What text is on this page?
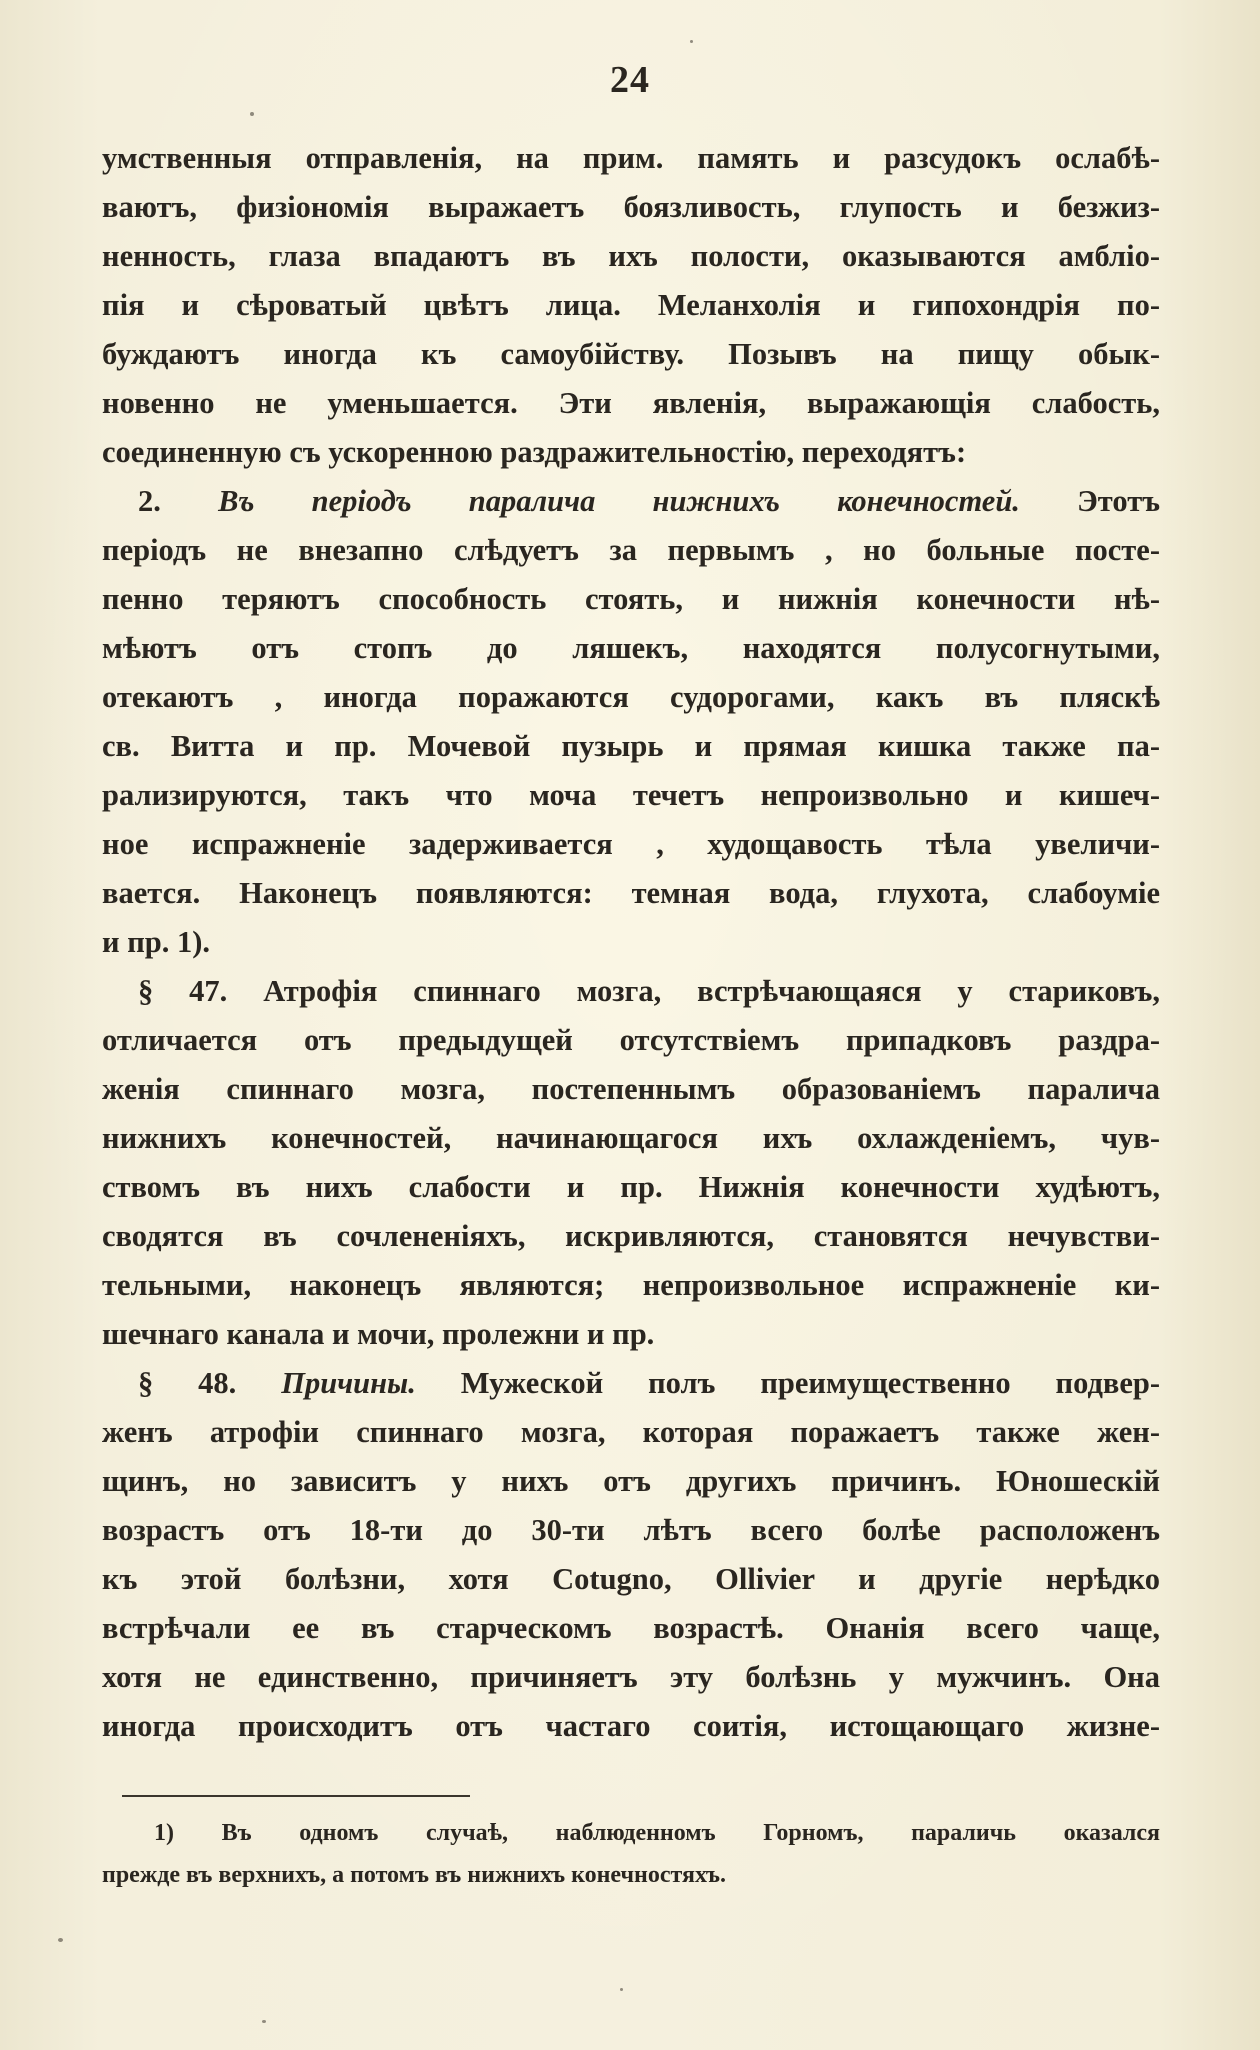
24
умственныя отправленія, на прим. память и разсудокъ ослабѣ-
ваютъ, физіономія выражаетъ боязливость, глупость и безжиз-
ненность, глаза впадаютъ въ ихъ полости, оказываются амбліо-
пія и сѣроватый цвѣтъ лица. Меланхолія и гипохондрія по-
буждаютъ иногда къ самоубійству. Позывъ на пищу обык-
новенно не уменьшается. Эти явленія, выражающія слабость,
соединенную съ ускоренною раздражительностію, переходятъ:
2. Въ періодъ паралича нижнихъ конечностей. Этотъ
періодъ не внезапно слѣдуетъ за первымъ , но больные посте-
пенно теряютъ способность стоять, и нижнія конечности нѣ-
мѣютъ отъ стопъ до ляшекъ, находятся полусогнутыми,
отекаютъ , иногда поражаются судорогами, какъ въ пляскѣ
св. Витта и пр. Мочевой пузырь и прямая кишка также па-
рализируются, такъ что моча течетъ непроизвольно и кишеч-
ное испражненіе задерживается , худощавость тѣла увеличи-
вается. Наконецъ появляются: темная вода, глухота, слабоуміе
и пр. 1).
§ 47. Атрофія спиннаго мозга, встрѣчающаяся у стариковъ,
отличается отъ предыдущей отсутствіемъ припадковъ раздра-
женія спиннаго мозга, постепеннымъ образованіемъ паралича
нижнихъ конечностей, начинающагося ихъ охлажденіемъ, чув-
ствомъ въ нихъ слабости и пр. Нижнія конечности худѣютъ,
сводятся въ сочлененіяхъ, искривляются, становятся нечувстви-
тельными, наконецъ являются; непроизвольное испражненіе ки-
шечнаго канала и мочи, пролежни и пр.
§ 48. Причины. Мужеской полъ преимущественно подвер-
женъ атрофіи спиннаго мозга, которая поражаетъ также жен-
щинъ, но зависитъ у нихъ отъ другихъ причинъ. Юношескій
возрастъ отъ 18-ти до 30-ти лѣтъ всего болѣе расположенъ
къ этой болѣзни, хотя Cotugno, Ollivier и другіе нерѣдко
встрѣчали ее въ старческомъ возрастѣ. Онанія всего чаще,
хотя не единственно, причиняетъ эту болѣзнь у мужчинъ. Она
иногда происходитъ отъ частаго соитія, истощающаго жизне-
1) Въ одномъ случаѣ, наблюденномъ Горномъ, параличь оказался
прежде въ верхнихъ, а потомъ въ нижнихъ конечностяхъ.
